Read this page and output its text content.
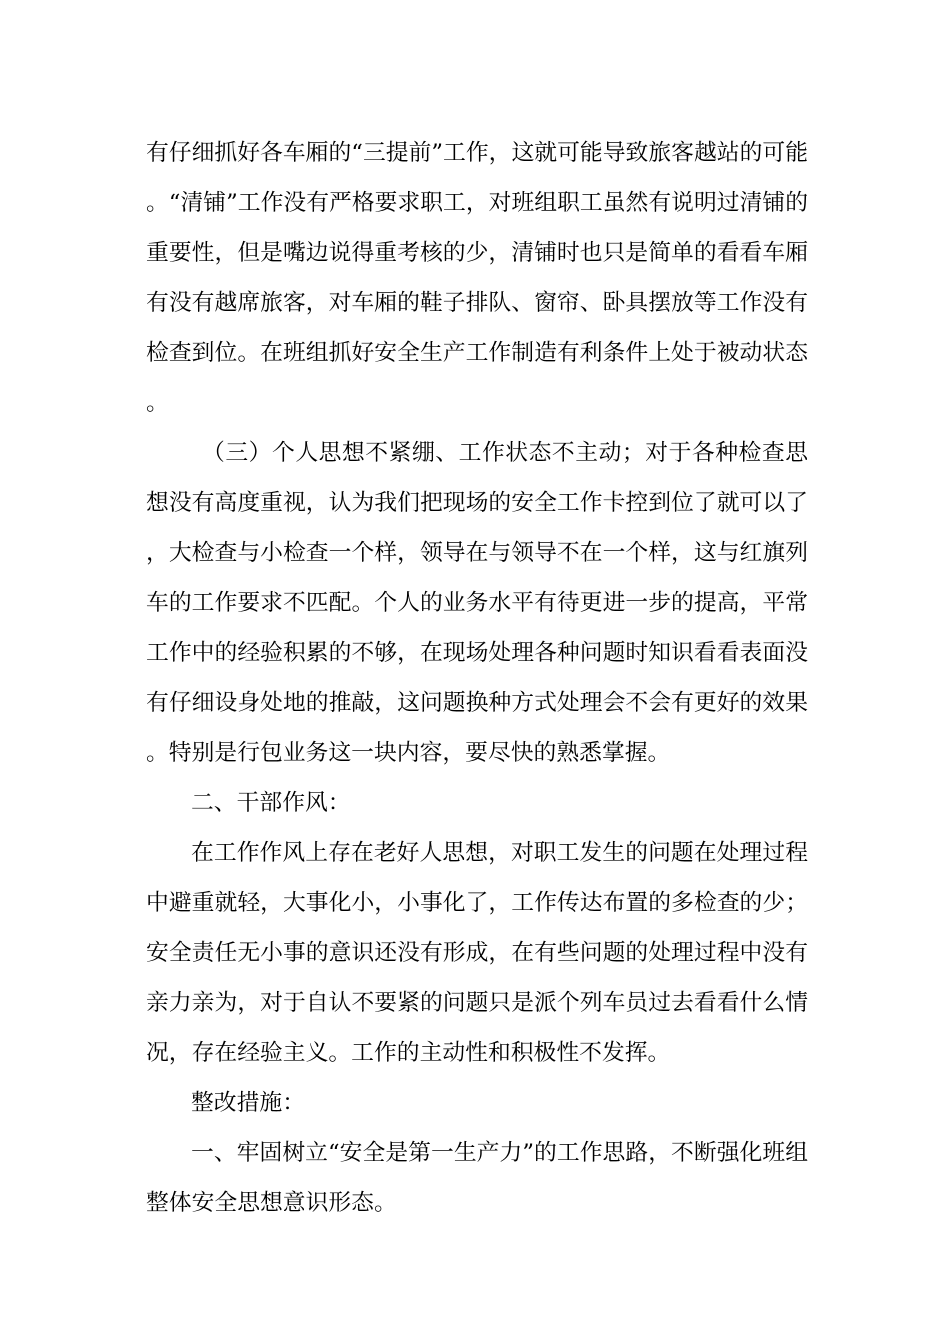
有仔细抓好各车厢的“三提前”工作，这就可能导致旅客越站的可能。“清铺”工作没有严格要求职工，对班组职工虽然有说明过清铺的重要性，但是嘴边说得重考核的少，清铺时也只是简单的看看车厢有没有越席旅客，对车厢的鞋子排队、窗帘、卧具摆放等工作没有检查到位。在班组抓好安全生产工作制造有利条件上处于被动状态。

（三）个人思想不紧绷、工作状态不主动；对于各种检查思想没有高度重视，认为我们把现场的安全工作卡控到位了就可以了，大检查与小检查一个样，领导在与领导不在一个样，这与红旗列车的工作要求不匹配。个人的业务水平有待更进一步的提高，平常工作中的经验积累的不够，在现场处理各种问题时知识看看表面没有仔细设身处地的推敲，这问题换种方式处理会不会有更好的效果。特别是行包业务这一块内容，要尽快的熟悉掌握。

二、干部作风：

在工作作风上存在老好人思想，对职工发生的问题在处理过程中避重就轻，大事化小，小事化了，工作传达布置的多检查的少；安全责任无小事的意识还没有形成，在有些问题的处理过程中没有亲力亲为，对于自认不要紧的问题只是派个列车员过去看看什么情况，存在经验主义。工作的主动性和积极性不发挥。

整改措施：

一、牢固树立“安全是第一生产力”的工作思路，不断强化班组整体安全思想意识形态。
